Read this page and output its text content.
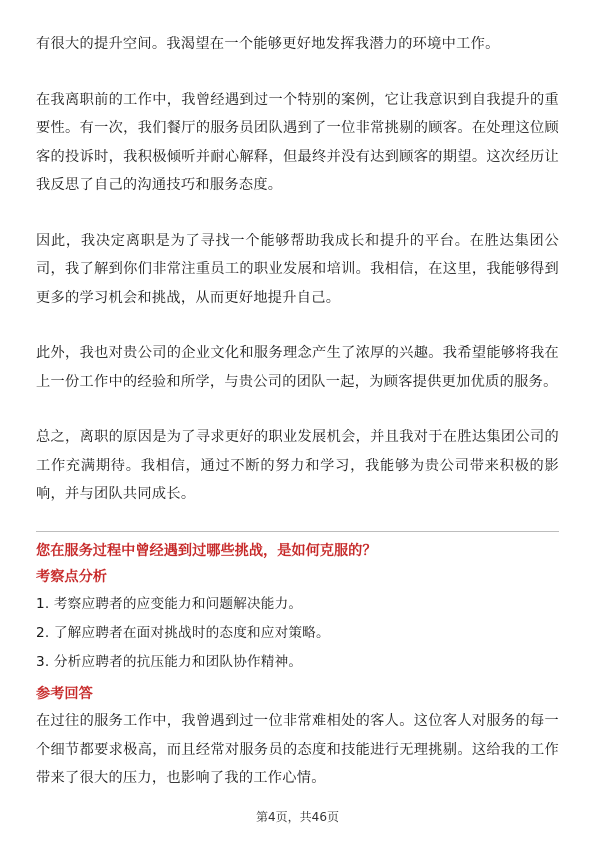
有很大的提升空间。我渴望在一个能够更好地发挥我潜力的环境中工作。

在我离职前的工作中，我曾经遇到过一个特别的案例，它让我意识到自我提升的重要性。有一次，我们餐厅的服务员团队遇到了一位非常挑剔的顾客。在处理这位顾客的投诉时，我积极倾听并耐心解释，但最终并没有达到顾客的期望。这次经历让我反思了自己的沟通技巧和服务态度。

因此，我决定离职是为了寻找一个能够帮助我成长和提升的平台。在胜达集团公司，我了解到你们非常注重员工的职业发展和培训。我相信，在这里，我能够得到更多的学习机会和挑战，从而更好地提升自己。

此外，我也对贵公司的企业文化和服务理念产生了浓厚的兴趣。我希望能够将我在上一份工作中的经验和所学，与贵公司的团队一起，为顾客提供更加优质的服务。

总之，离职的原因是为了寻求更好的职业发展机会，并且我对于在胜达集团公司的工作充满期待。我相信，通过不断的努力和学习，我能够为贵公司带来积极的影响，并与团队共同成长。

您在服务过程中曾经遇到过哪些挑战，是如何克服的？

考察点分析

1. 考察应聘者的应变能力和问题解决能力。
2. 了解应聘者在面对挑战时的态度和应对策略。
3. 分析应聘者的抗压能力和团队协作精神。

参考回答

在过往的服务工作中，我曾遇到过一位非常难相处的客人。这位客人对服务的每一个细节都要求极高，而且经常对服务员的态度和技能进行无理挑剔。这给我的工作带来了很大的压力，也影响了我的工作心情。

第4页，共46页
